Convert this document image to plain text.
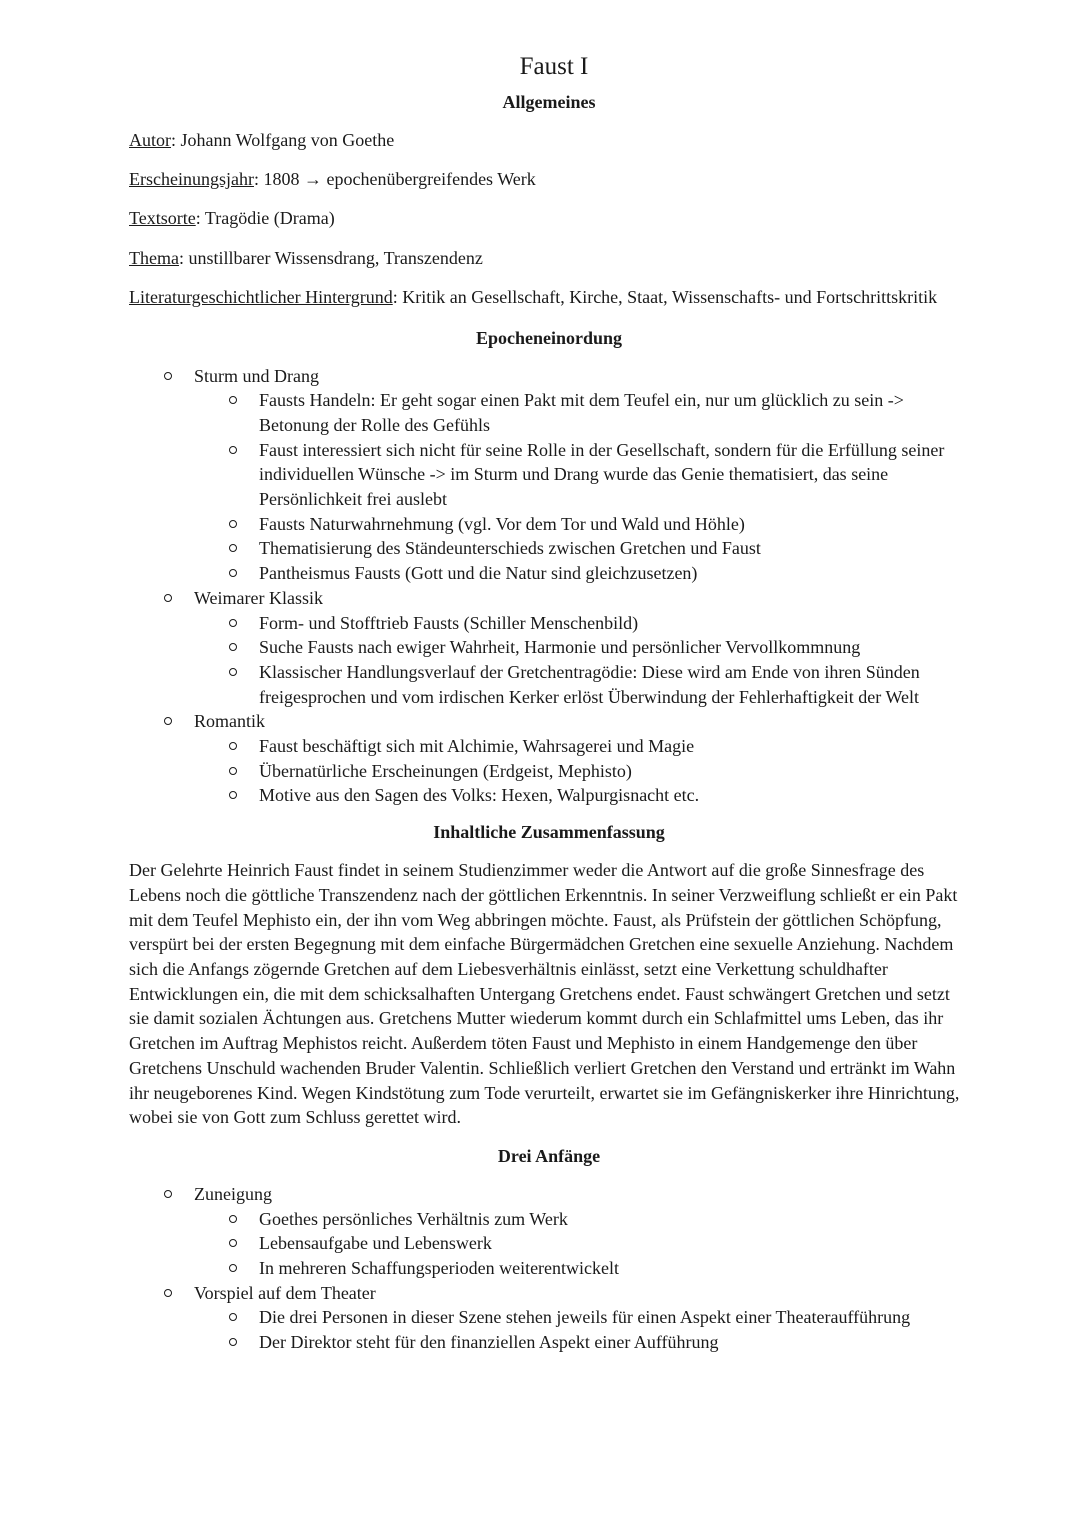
Faust I
Allgemeines
Autor: Johann Wolfgang von Goethe
Erscheinungsjahr: 1808 → epochenübergreifendes Werk
Textsorte: Tragödie (Drama)
Thema: unstillbarer Wissensdrang, Transzendenz
Literaturgeschichtlicher Hintergrund: Kritik an Gesellschaft, Kirche, Staat, Wissenschafts- und Fortschrittskritik
Epocheneinordung
Sturm und Drang
Fausts Handeln: Er geht sogar einen Pakt mit dem Teufel ein, nur um glücklich zu sein -> Betonung der Rolle des Gefühls
Faust interessiert sich nicht für seine Rolle in der Gesellschaft, sondern für die Erfüllung seiner individuellen Wünsche -> im Sturm und Drang wurde das Genie thematisiert, das seine Persönlichkeit frei auslebt
Fausts Naturwahrnehmung (vgl. Vor dem Tor und Wald und Höhle)
Thematisierung des Ständeunterschieds zwischen Gretchen und Faust
Pantheismus Fausts (Gott und die Natur sind gleichzusetzen)
Weimarer Klassik
Form- und Stofftrieb Fausts (Schiller Menschenbild)
Suche Fausts nach ewiger Wahrheit, Harmonie und persönlicher Vervollkommnung
Klassischer Handlungsverlauf der Gretchentragödie: Diese wird am Ende von ihren Sünden freigesprochen und vom irdischen Kerker erlöst Überwindung der Fehlerhaftigkeit der Welt
Romantik
Faust beschäftigt sich mit Alchimie, Wahrsagerei und Magie
Übernatürliche Erscheinungen (Erdgeist, Mephisto)
Motive aus den Sagen des Volks: Hexen, Walpurgisnacht etc.
Inhaltliche Zusammenfassung
Der Gelehrte Heinrich Faust findet in seinem Studienzimmer weder die Antwort auf die große Sinnesfrage des Lebens noch die göttliche Transzendenz nach der göttlichen Erkenntnis. In seiner Verzweiflung schließt er ein Pakt mit dem Teufel Mephisto ein, der ihn vom Weg abbringen möchte. Faust, als Prüfstein der göttlichen Schöpfung, verspürt bei der ersten Begegnung mit dem einfache Bürgermädchen Gretchen eine sexuelle Anziehung. Nachdem sich die Anfangs zögernde Gretchen auf dem Liebesverhältnis einlässt, setzt eine Verkettung schuldhafter Entwicklungen ein, die mit dem schicksalhaften Untergang Gretchens endet. Faust schwängert Gretchen und setzt sie damit sozialen Ächtungen aus. Gretchens Mutter wiederum kommt durch ein Schlafmittel ums Leben, das ihr Gretchen im Auftrag Mephistos reicht. Außerdem töten Faust und Mephisto in einem Handgemenge den über Gretchens Unschuld wachenden Bruder Valentin. Schließlich verliert Gretchen den Verstand und ertränkt im Wahn ihr neugeborenes Kind. Wegen Kindstötung zum Tode verurteilt, erwartet sie im Gefängniskerker ihre Hinrichtung, wobei sie von Gott zum Schluss gerettet wird.
Drei Anfänge
Zuneigung
Goethes persönliches Verhältnis zum Werk
Lebensaufgabe und Lebenswerk
In mehreren Schaffungsperioden weiterentwickelt
Vorspiel auf dem Theater
Die drei Personen in dieser Szene stehen jeweils für einen Aspekt einer Theateraufführung
Der Direktor steht für den finanziellen Aspekt einer Aufführung
